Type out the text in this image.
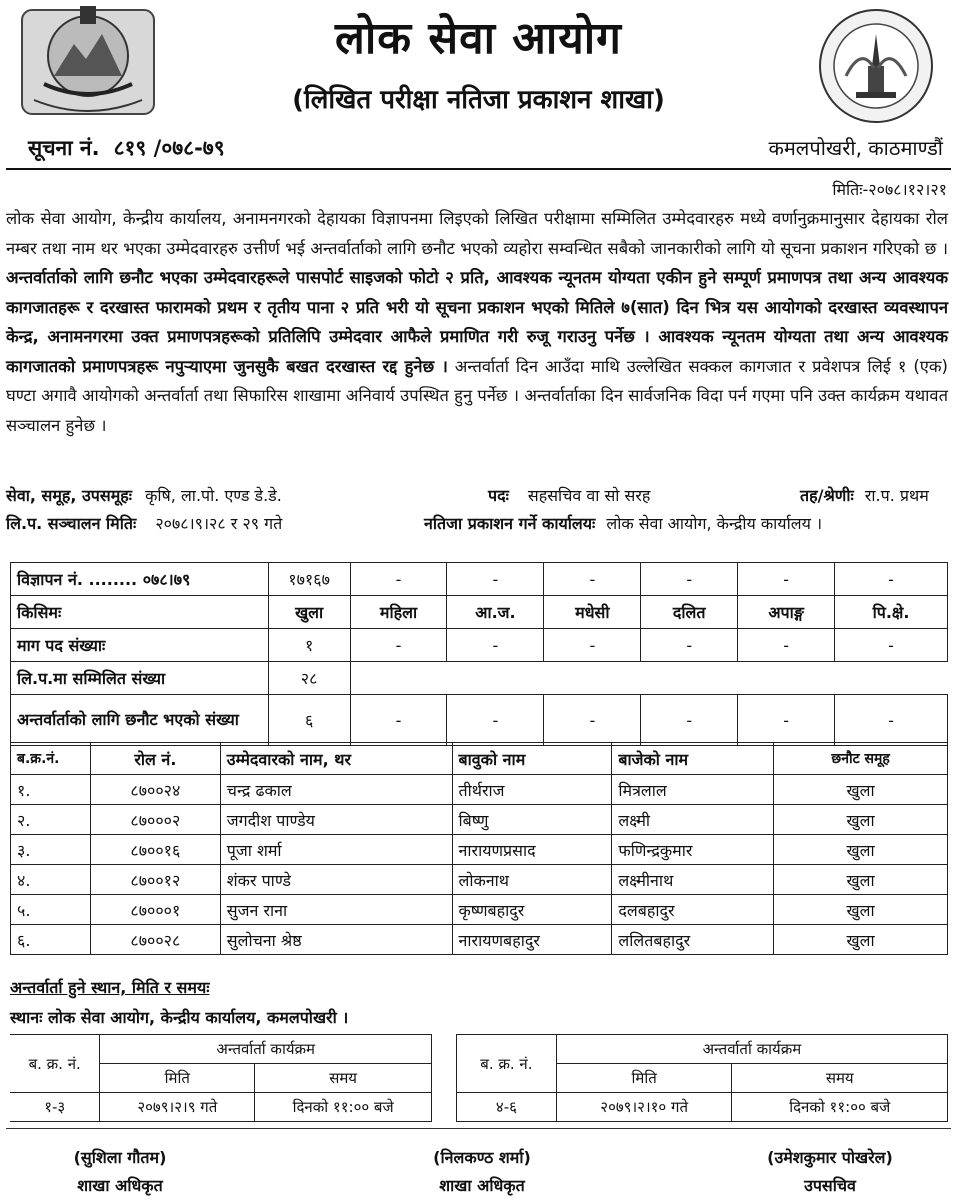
लोक सेवा आयोग
(लिखित परीक्षा नतिजा प्रकाशन शाखा)
सूचना नं. ८१९ /०७८-७९	कमलपोखरी, काठमाण्डौं
मितिः-२०७८।१२।२१
लोक सेवा आयोग, केन्द्रीय कार्यालय, अनामनगरको देहायका विज्ञापनमा लिइएको लिखित परीक्षामा सम्मिलित उम्मेदवारहरु मध्ये वर्णानुक्रमानुसार देहायका रोल नम्बर तथा नाम थर भएका उम्मेदवारहरु उत्तीर्ण भई अन्तर्वार्ताको लागि छनौट भएको व्यहोरा सम्वन्धित सबैको जानकारीको लागि यो सूचना प्रकाशन गरिएको छ । अन्तर्वार्ताको लागि छनौट भएका उम्मेदवारहरूले पासपोर्ट साइजको फोटो २ प्रति, आवश्यक न्यूनतम योग्यता एकीन हुने सम्पूर्ण प्रमाणपत्र तथा अन्य आवश्यक कागजातहरू र दरखास्त फारामको प्रथम र तृतीय पाना २ प्रति भरी यो सूचना प्रकाशन भएको मितिले ७(सात) दिन भित्र यस आयोगको दरखास्त व्यवस्थापन केन्द्र, अनामनगरमा उक्त प्रमाणपत्रहरूको प्रतिलिपि उम्मेदवार आफैले प्रमाणित गरी रुजू गराउनु पर्नेछ । आवश्यक न्यूनतम योग्यता तथा अन्य आवश्यक कागजातको प्रमाणपत्रहरू नपुऱ्याएमा जुनसुकै बखत दरखास्त रद्द हुनेछ । अन्तर्वार्ता दिन आउँदा माथि उल्लेखित सक्कल कागजात र प्रवेशपत्र लिई १ (एक) घण्टा अगावै आयोगको अन्तर्वार्ता तथा सिफारिस शाखामा अनिवार्य उपस्थित हुनु पर्नेछ । अन्तर्वार्ताका दिन सार्वजनिक विदा पर्न गएमा पनि उक्त कार्यक्रम यथावत सञ्चालन हुनेछ ।
सेवा, समूह, उपसमूहः कृषि, ला.पो. एण्ड डे.डे.	पदः सहसचिव वा सो सरह	तह/श्रेणीः रा.प. प्रथम
लि.प. सञ्चालन मितिः २०७८।९।२८ र २९ गते	नतिजा प्रकाशन गर्ने कार्यालयः लोक सेवा आयोग, केन्द्रीय कार्यालय ।
विज्ञापन नं. ........ ०७८।७९	१७१६७	-	-	-	-	-	-
किसिमः	खुला	महिला	आ.ज.	मधेसी	दलित	अपाङ्ग	पि.क्षे.
माग पद संख्याः	१	-	-	-	-	-	-
लि.प.मा सम्मिलित संख्या	२८						
अन्तर्वार्ताको लागि छनौट भएको संख्या	६	-	-	-	-	-	-
ब.क्र.नं.	रोल नं.	उम्मेदवारको नाम, थर	बावुको नाम	बाजेको नाम	छनौट समूह
१.	८७००२४	चन्द्र ढकाल	तीर्थराज	मित्रलाल	खुला
२.	८७०००२	जगदीश पाण्डेय	बिष्णु	लक्ष्मी	खुला
३.	८७००१६	पूजा शर्मा	नारायणप्रसाद	फणिन्द्रकुमार	खुला
४.	८७००१२	शंकर पाण्डे	लोकनाथ	लक्ष्मीनाथ	खुला
५.	८७०००१	सुजन राना	कृष्णबहादुर	दलबहादुर	खुला
६.	८७००२८	सुलोचना श्रेष्ठ	नारायणबहादुर	ललितबहादुर	खुला
अन्तर्वार्ता हुने स्थान, मिति र समयः
स्थानः लोक सेवा आयोग, केन्द्रीय कार्यालय, कमलपोखरी ।
ब. क्र. नं.	अन्तर्वार्ता कार्यक्रम	
	मिति	समय
१-३	२०७९।२।९ गते	दिनको ११:०० बजे
ब. क्र. नं.	अन्तर्वार्ता कार्यक्रम	
	मिति	समय
४-६	२०७९।२।१० गते	दिनको ११:०० बजे
(सुशिला गौतम)
शाखा अधिकृत
(निलकण्ठ शर्मा)
शाखा अधिकृत
(उमेशकुमार पोखरेल)
उपसचिव
